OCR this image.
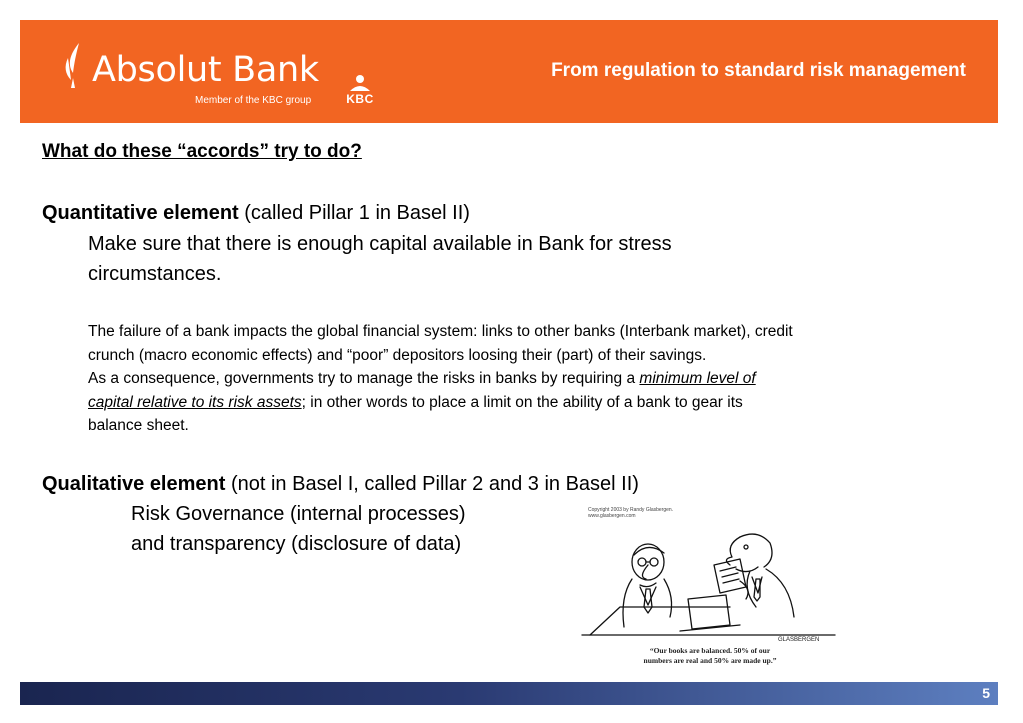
Absolut Bank
Member of the KBC group	KBC
From regulation to standard risk management
What do these “accords” try to do?
Quantitative element (called Pillar 1 in Basel II)
Make sure that there is enough capital available in Bank for stress
circumstances.
The failure of a bank impacts the global financial system: links to other banks (Interbank market), credit
crunch (macro economic effects) and “poor” depositors loosing their (part) of their savings.
As a consequence, governments try to manage the risks in banks by requiring a minimum level of
capital relative to its risk assets; in other words to place a limit on the ability of a bank to gear its
balance sheet.
Qualitative element (not in Basel I, called Pillar 2 and 3 in Basel II)
Risk Governance (internal processes)
and transparency (disclosure of data)
Copyright 2003 by Randy Glasbergen.
www.glasbergen.com
GLASBERGEN
“Our books are balanced. 50% of our
numbers are real and 50% are made up.”
5
